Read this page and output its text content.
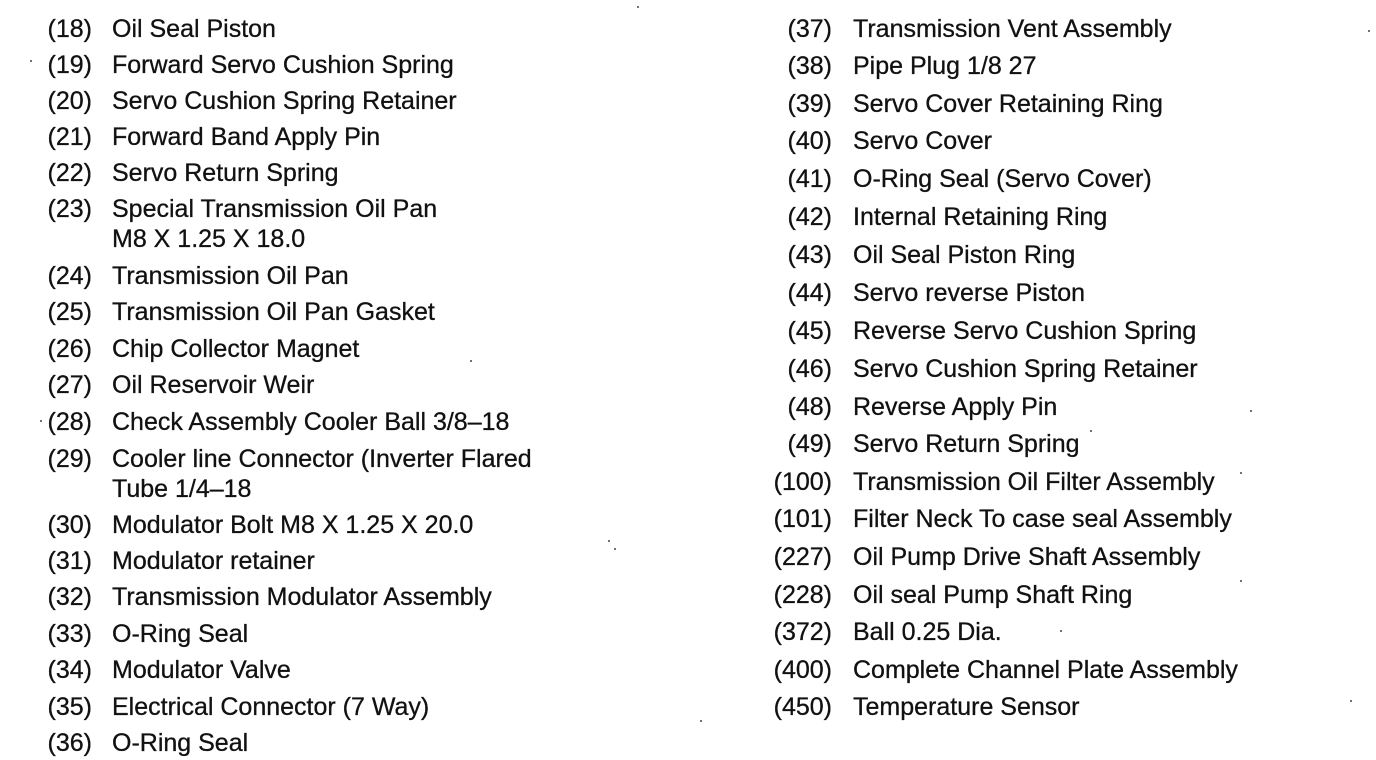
(18) Oil Seal Piston
(19) Forward Servo Cushion Spring
(20) Servo Cushion Spring Retainer
(21) Forward Band Apply Pin
(22) Servo Return Spring
(23) Special Transmission Oil Pan
M8 X 1.25 X 18.0
(24) Transmission Oil Pan
(25) Transmission Oil Pan Gasket
(26) Chip Collector Magnet
(27) Oil Reservoir Weir
(28) Check Assembly Cooler Ball 3/8–18
(29) Cooler line Connector (Inverter Flared
Tube 1/4–18
(30) Modulator Bolt M8 X 1.25 X 20.0
(31) Modulator retainer
(32) Transmission Modulator Assembly
(33) O-Ring Seal
(34) Modulator Valve
(35) Electrical Connector (7 Way)
(36) O-Ring Seal
(37) Transmission Vent Assembly
(38) Pipe Plug 1/8 27
(39) Servo Cover Retaining Ring
(40) Servo Cover
(41) O-Ring Seal (Servo Cover)
(42) Internal Retaining Ring
(43) Oil Seal Piston Ring
(44) Servo reverse Piston
(45) Reverse Servo Cushion Spring
(46) Servo Cushion Spring Retainer
(48) Reverse Apply Pin
(49) Servo Return Spring
(100) Transmission Oil Filter Assembly
(101) Filter Neck To case seal Assembly
(227) Oil Pump Drive Shaft Assembly
(228) Oil seal Pump Shaft Ring
(372) Ball 0.25 Dia.
(400) Complete Channel Plate Assembly
(450) Temperature Sensor
